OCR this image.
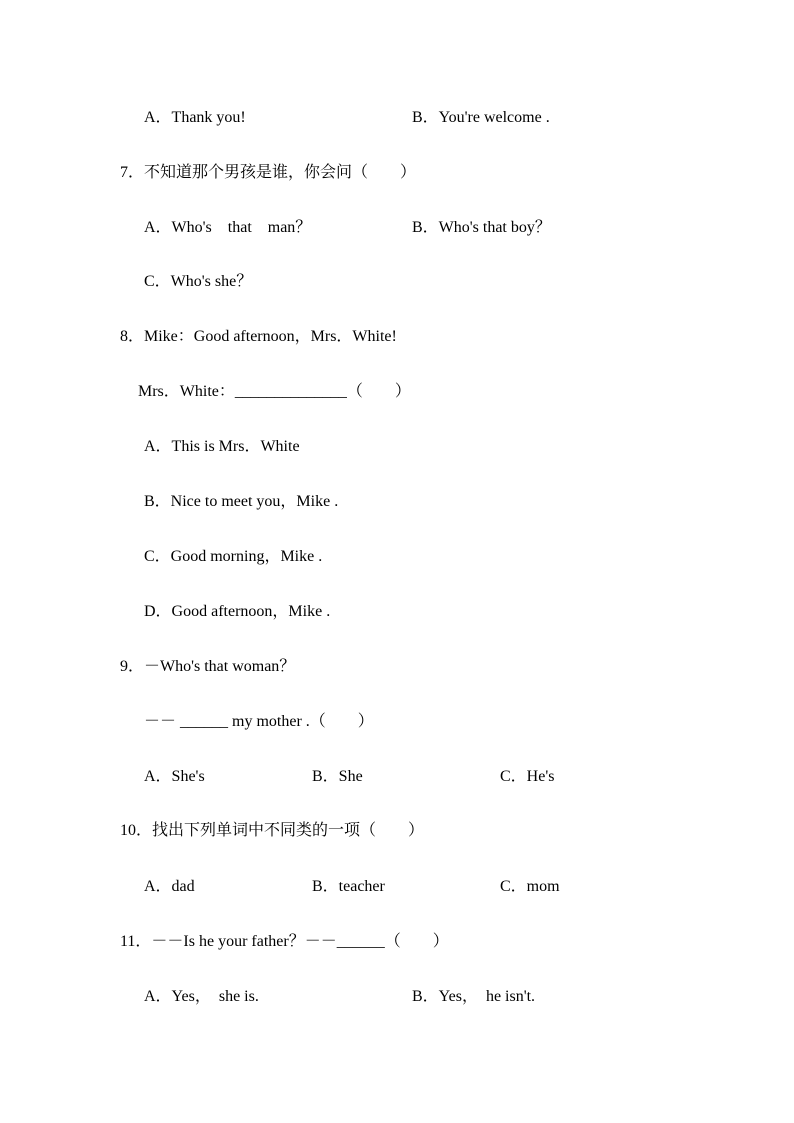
A．Thank you!	B．You're welcome .
7．不知道那个男孩是谁，你会问（　　）
A．Who's　that　man？	B．Who's that boy？
C．Who's she？
8．Mike：Good afternoon，Mrs．White!
Mrs．White：______________（　　）
A．This is Mrs．White
B．Nice to meet you，Mike .
C．Good morning，Mike .
D．Good afternoon，Mike .
9．－Who's that woman？
－－ ______ my mother .（　　）
A．She's	B．She	C．He's
10．找出下列单词中不同类的一项（　　）
A．dad	B．teacher	C．mom
11．－－Is he your father？－－______（　　）
A．Yes，　she is.	B．Yes，　he isn't.
